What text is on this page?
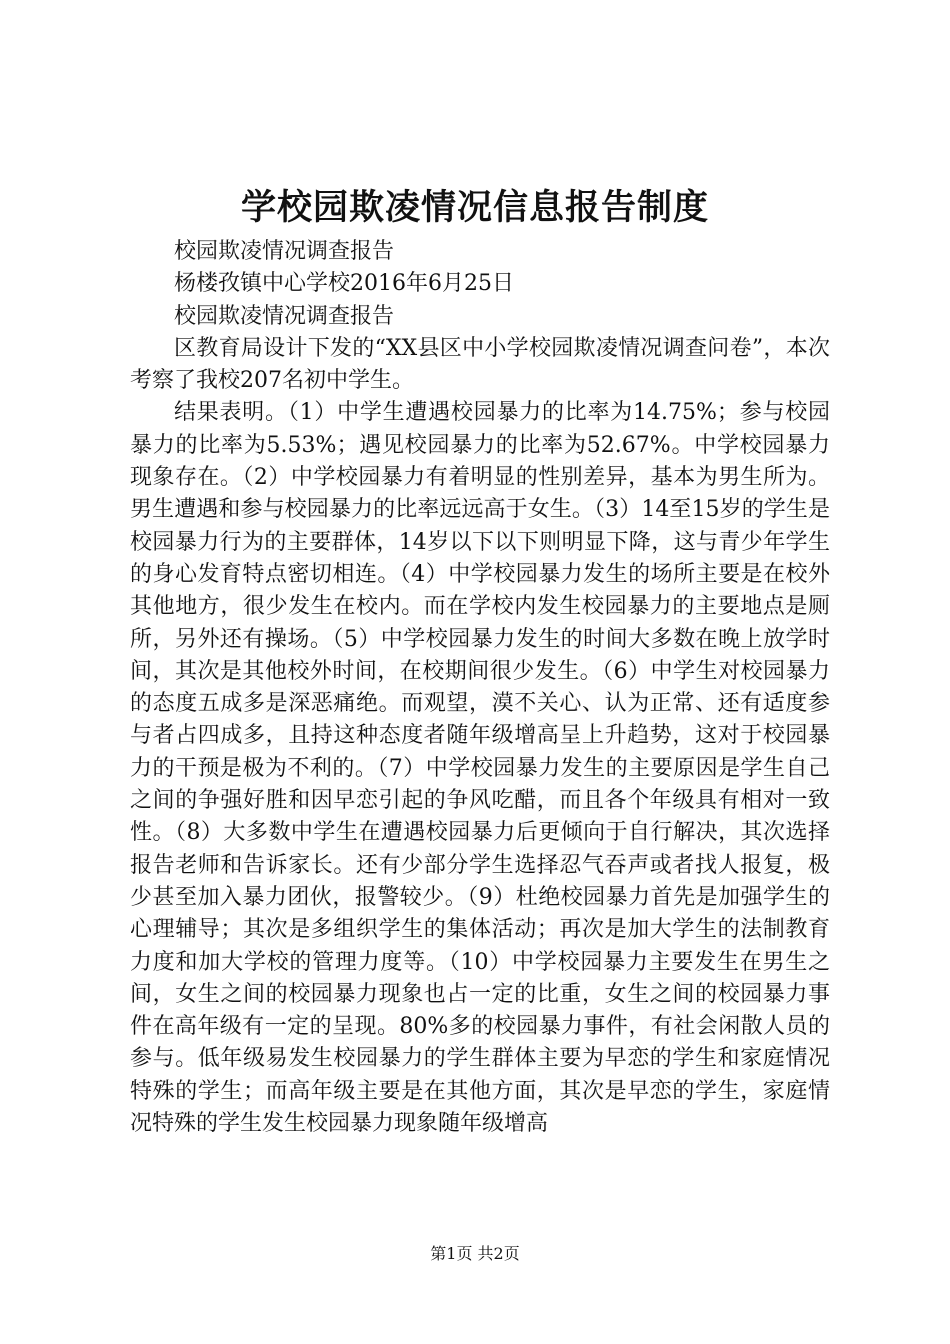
学校园欺凌情况信息报告制度

校园欺凌情况调查报告

杨楼孜镇中心学校2016年6月25日

校园欺凌情况调查报告

区教育局设计下发的“XX县区中小学校园欺凌情况调查问卷”，本次考察了我校207名初中学生。

结果表明。（1）中学生遭遇校园暴力的比率为14.75%；参与校园暴力的比率为5.53%；遇见校园暴力的比率为52.67%。中学校园暴力现象存在。（2）中学校园暴力有着明显的性别差异，基本为男生所为。男生遭遇和参与校园暴力的比率远远高于女生。（3）14至15岁的学生是校园暴力行为的主要群体，14岁以下以下则明显下降，这与青少年学生的身心发育特点密切相连。（4）中学校园暴力发生的场所主要是在校外其他地方，很少发生在校内。而在学校内发生校园暴力的主要地点是厕所，另外还有操场。（5）中学校园暴力发生的时间大多数在晚上放学时间，其次是其他校外时间，在校期间很少发生。（6）中学生对校园暴力的态度五成多是深恶痛绝。而观望，漠不关心、认为正常、还有适度参与者占四成多，且持这种态度者随年级增高呈上升趋势，这对于校园暴力的干预是极为不利的。（7）中学校园暴力发生的主要原因是学生自己之间的争强好胜和因早恋引起的争风吃醋，而且各个年级具有相对一致性。（8）大多数中学生在遭遇校园暴力后更倾向于自行解决，其次选择报告老师和告诉家长。还有少部分学生选择忍气吞声或者找人报复，极少甚至加入暴力团伙，报警较少。（9）杜绝校园暴力首先是加强学生的心理辅导；其次是多组织学生的集体活动；再次是加大学生的法制教育力度和加大学校的管理力度等。（10）中学校园暴力主要发生在男生之间，女生之间的校园暴力现象也占一定的比重，女生之间的校园暴力事件在高年级有一定的呈现。80%多的校园暴力事件，有社会闲散人员的参与。低年级易发生校园暴力的学生群体主要为早恋的学生和家庭情况特殊的学生；而高年级主要是在其他方面，其次是早恋的学生，家庭情况特殊的学生发生校园暴力现象随年级增高

第1页 共2页
